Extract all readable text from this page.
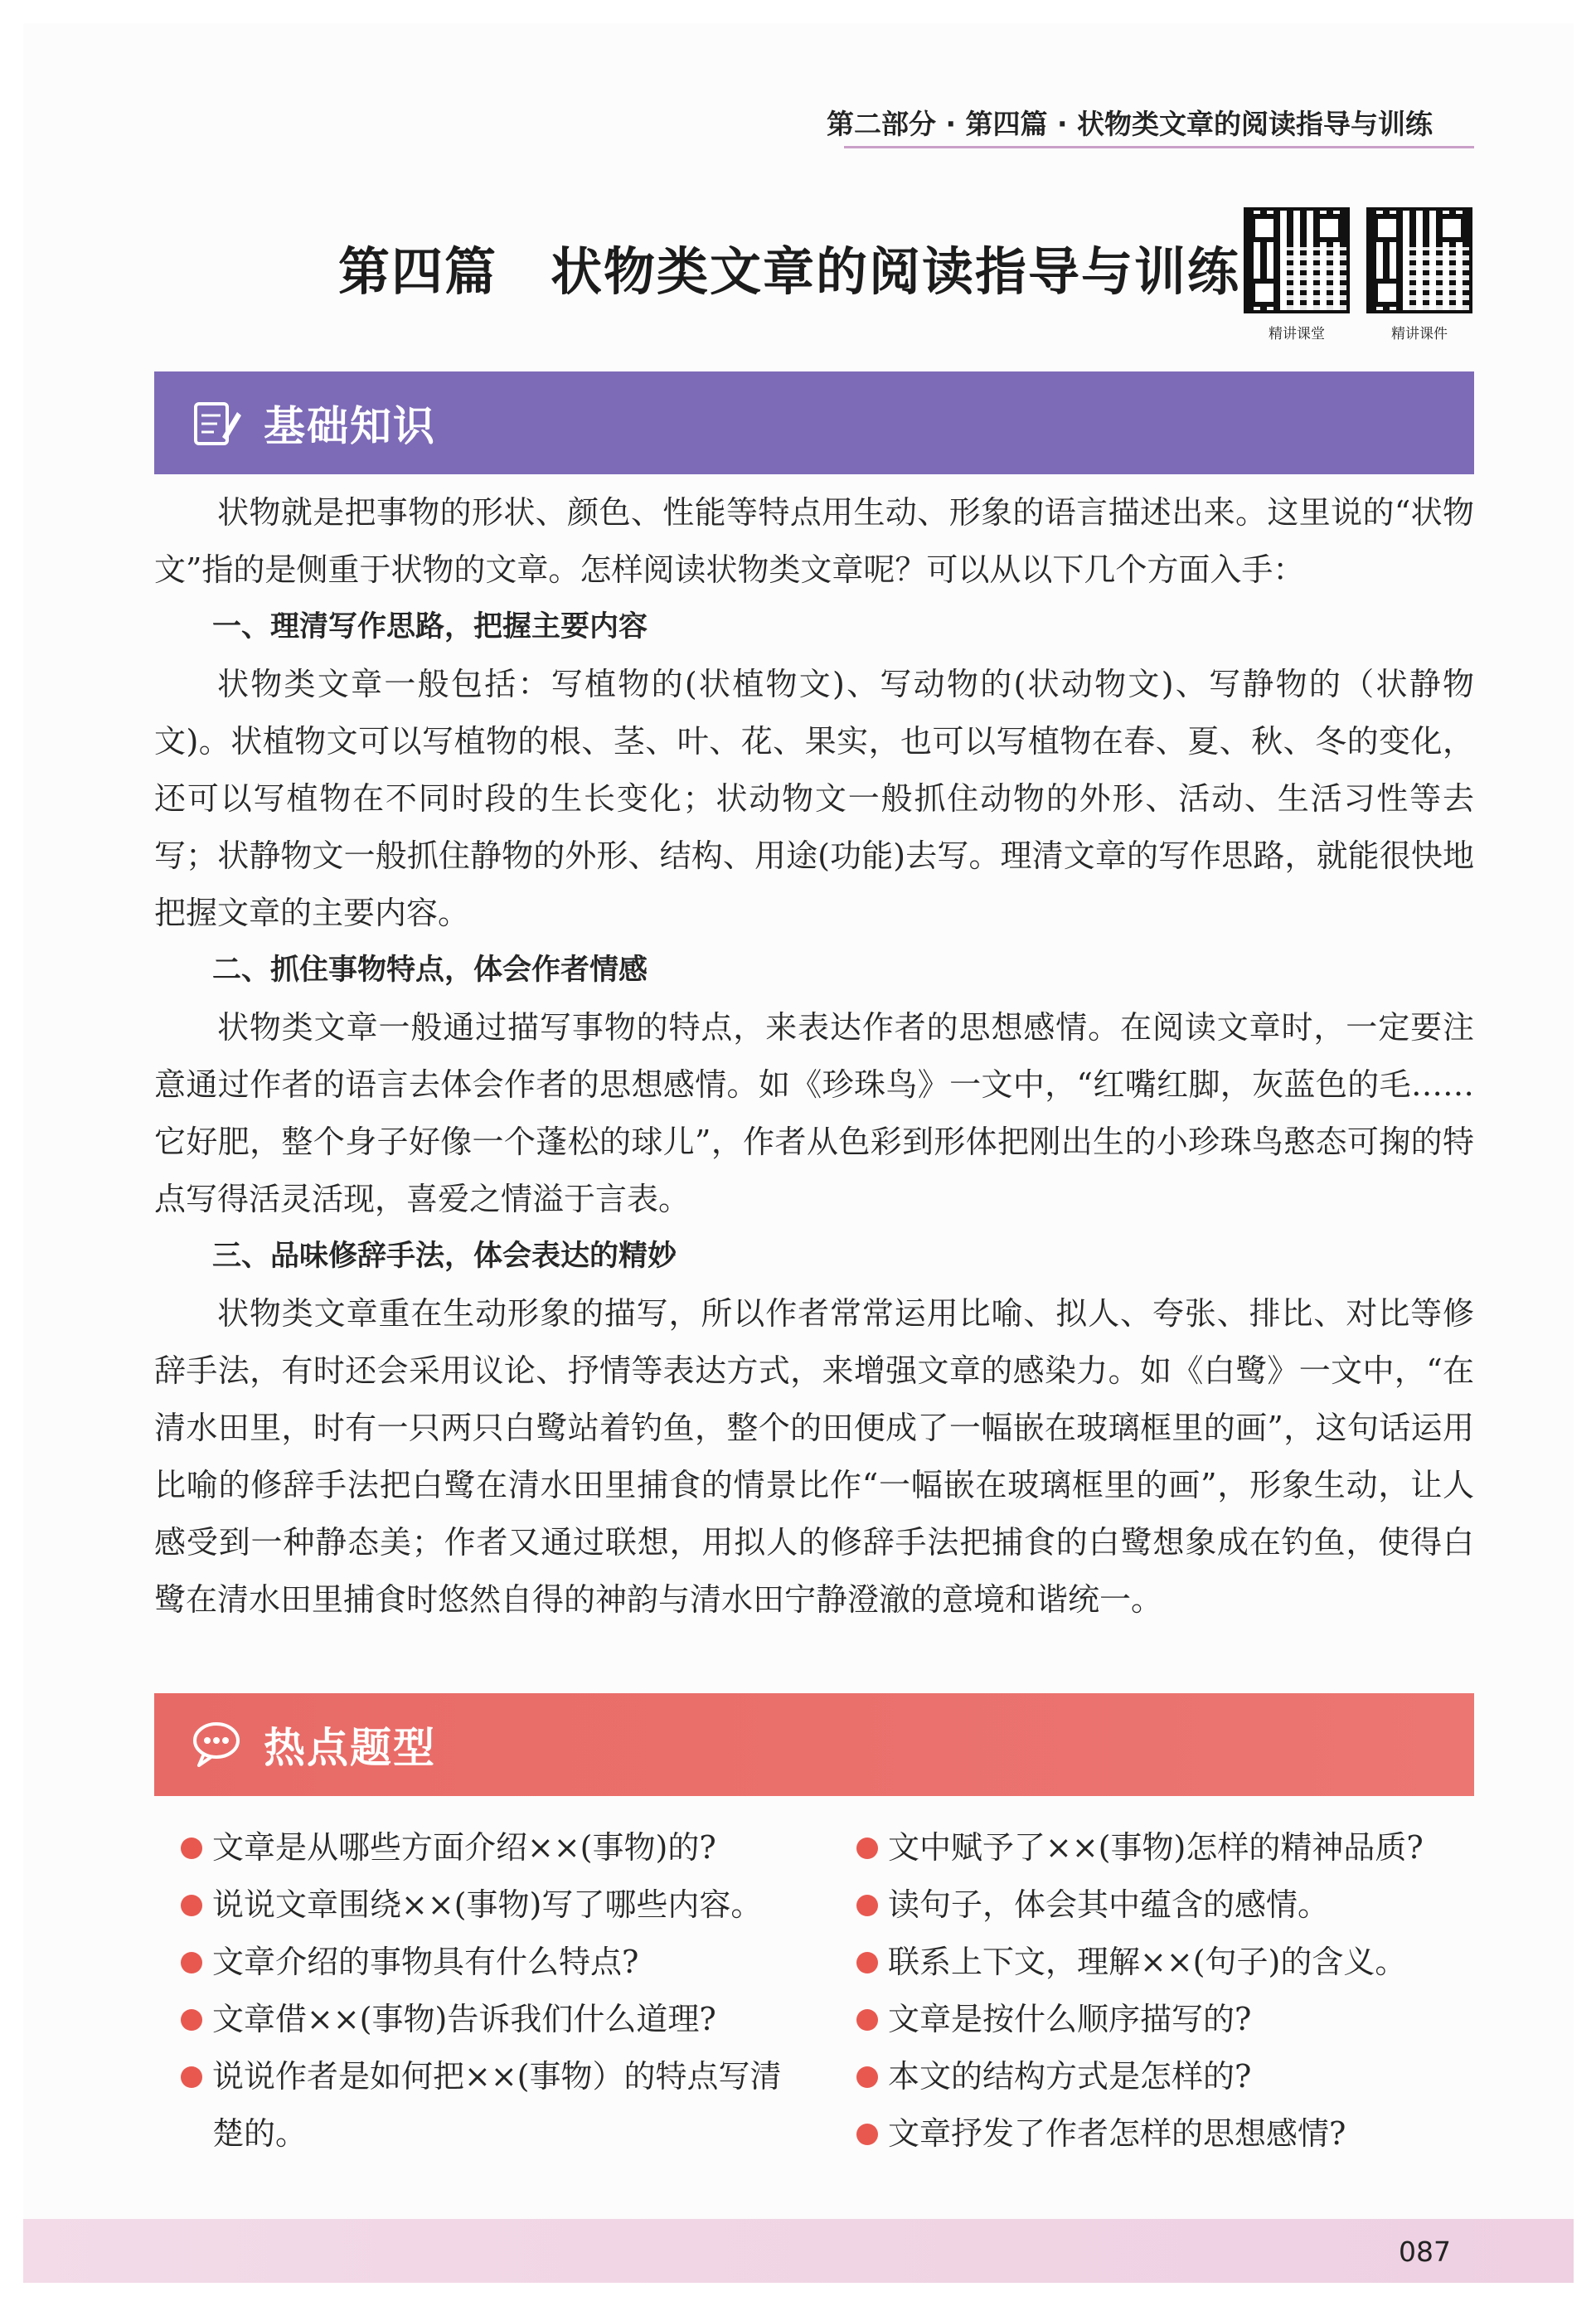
第二部分 · 第四篇 · 状物类文章的阅读指导与训练
第四篇　状物类文章的阅读指导与训练
精讲课堂	精讲课件
基础知识

状物就是把事物的形状、颜色、性能等特点用生动、形象的语言描述出来。这里说的“状物文”指的是侧重于状物的文章。怎样阅读状物类文章呢？可以从以下几个方面入手：

一、理清写作思路，把握主要内容

状物类文章一般包括：写植物的(状植物文)、写动物的(状动物文)、写静物的（状静物文)。状植物文可以写植物的根、茎、叶、花、果实，也可以写植物在春、夏、秋、冬的变化，还可以写植物在不同时段的生长变化；状动物文一般抓住动物的外形、活动、生活习性等去写；状静物文一般抓住静物的外形、结构、用途(功能)去写。理清文章的写作思路，就能很快地把握文章的主要内容。

二、抓住事物特点，体会作者情感

状物类文章一般通过描写事物的特点，来表达作者的思想感情。在阅读文章时，一定要注意通过作者的语言去体会作者的思想感情。如《珍珠鸟》一文中，“红嘴红脚，灰蓝色的毛……它好肥，整个身子好像一个蓬松的球儿”，作者从色彩到形体把刚出生的小珍珠鸟憨态可掬的特点写得活灵活现，喜爱之情溢于言表。

三、品味修辞手法，体会表达的精妙

状物类文章重在生动形象的描写，所以作者常常运用比喻、拟人、夸张、排比、对比等修辞手法，有时还会采用议论、抒情等表达方式，来增强文章的感染力。如《白鹭》一文中，“在清水田里，时有一只两只白鹭站着钓鱼，整个的田便成了一幅嵌在玻璃框里的画”，这句话运用比喻的修辞手法把白鹭在清水田里捕食的情景比作“一幅嵌在玻璃框里的画”，形象生动，让人感受到一种静态美；作者又通过联想，用拟人的修辞手法把捕食的白鹭想象成在钓鱼，使得白鹭在清水田里捕食时悠然自得的神韵与清水田宁静澄澈的意境和谐统一。

热点题型
文章是从哪些方面介绍××(事物)的?
说说文章围绕××(事物)写了哪些内容。
文章介绍的事物具有什么特点?
文章借××(事物)告诉我们什么道理?
说说作者是如何把××(事物）的特点写清楚的。
文中赋予了××(事物)怎样的精神品质?
读句子，体会其中蕴含的感情。
联系上下文，理解××(句子)的含义。
文章是按什么顺序描写的?
本文的结构方式是怎样的?
文章抒发了作者怎样的思想感情?
087
